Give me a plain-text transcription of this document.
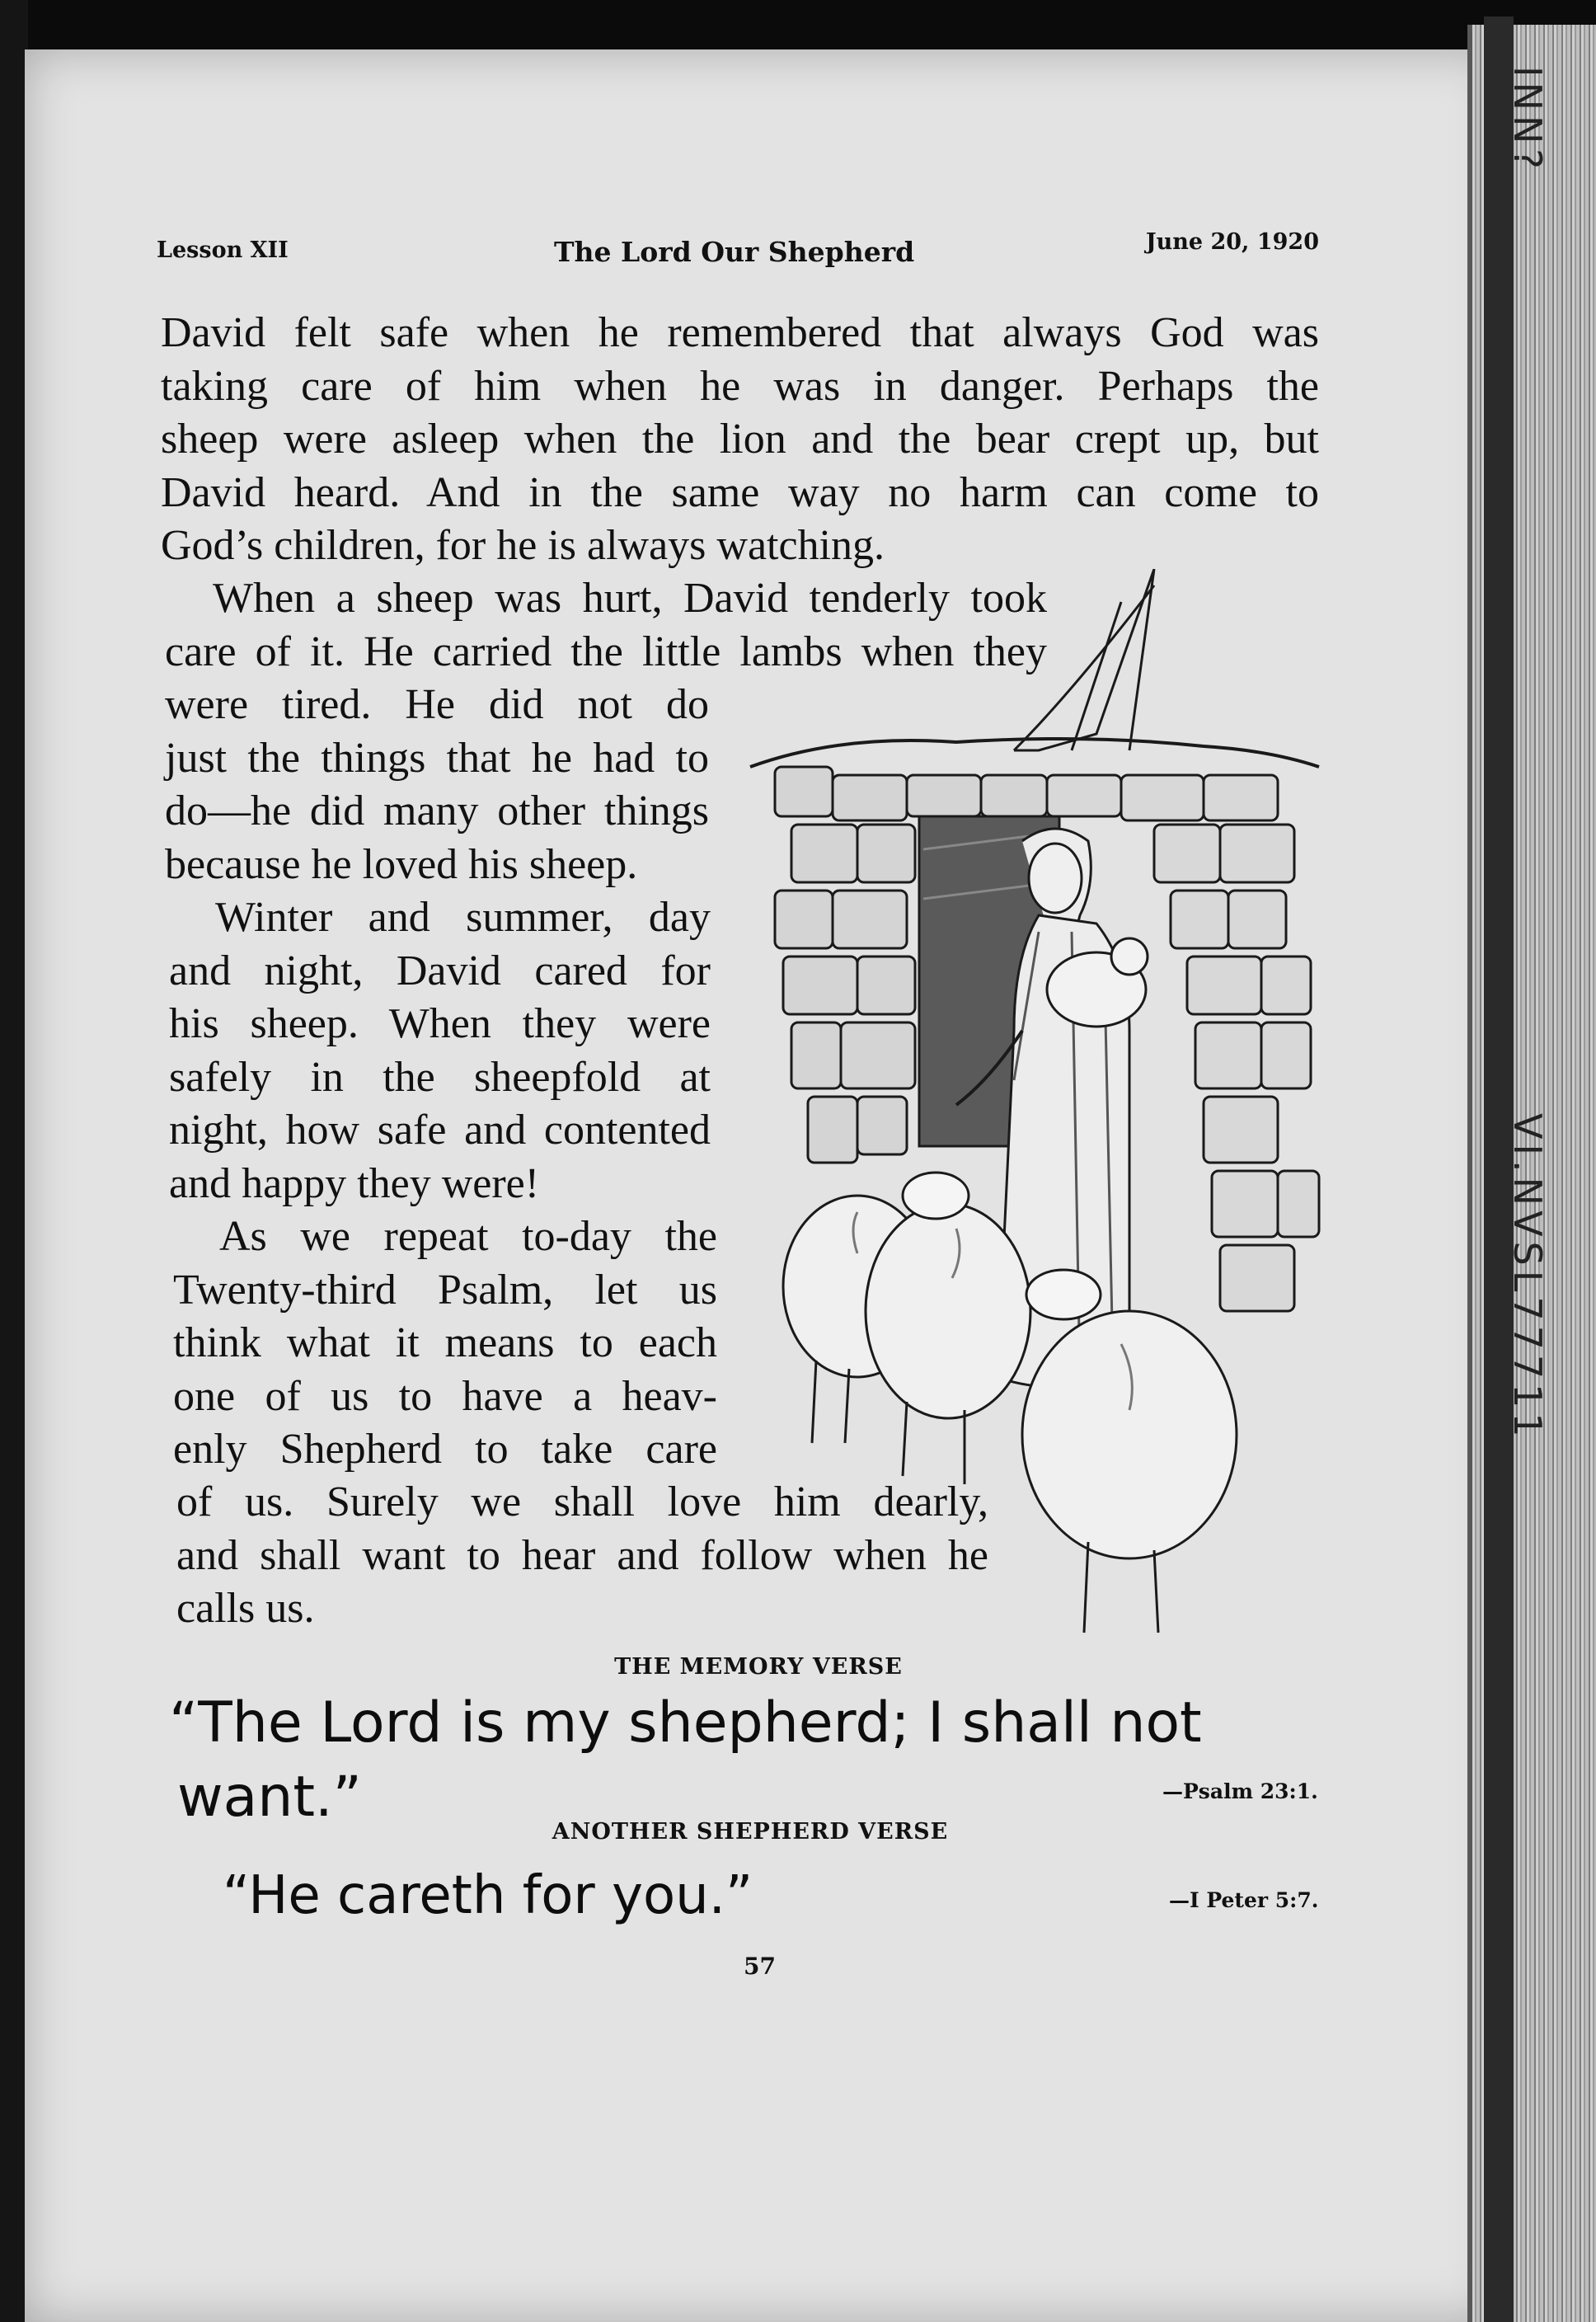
INN?
VI.NVSL77711
Lesson XII	The Lord Our Shepherd	June 20, 1920
David felt safe when he remembered that always God was
taking care of him when he was in danger. Perhaps the
sheep were asleep when the lion and the bear crept up, but
David heard. And in the same way no harm can come to
God’s children, for he is always watching.
When a sheep was hurt, David tenderly took
care of it. He carried the little lambs when they
were tired. He did not do
just the things that he had to
do—he did many other things
because he loved his sheep.
Winter and summer, day
and night, David cared for
his sheep. When they were
safely in the sheepfold at
night, how safe and contented
and happy they were!
As we repeat to-day the
Twenty-third Psalm, let us
think what it means to each
one of us to have a heav-
enly Shepherd to take care
of us. Surely we shall love him dearly,
and shall want to hear and follow when he
calls us.
THE MEMORY VERSE
“The Lord is my shepherd; I shall not
want.”	—Psalm 23:1.
ANOTHER SHEPHERD VERSE
“He careth for you.”	—I Peter 5:7.
57
